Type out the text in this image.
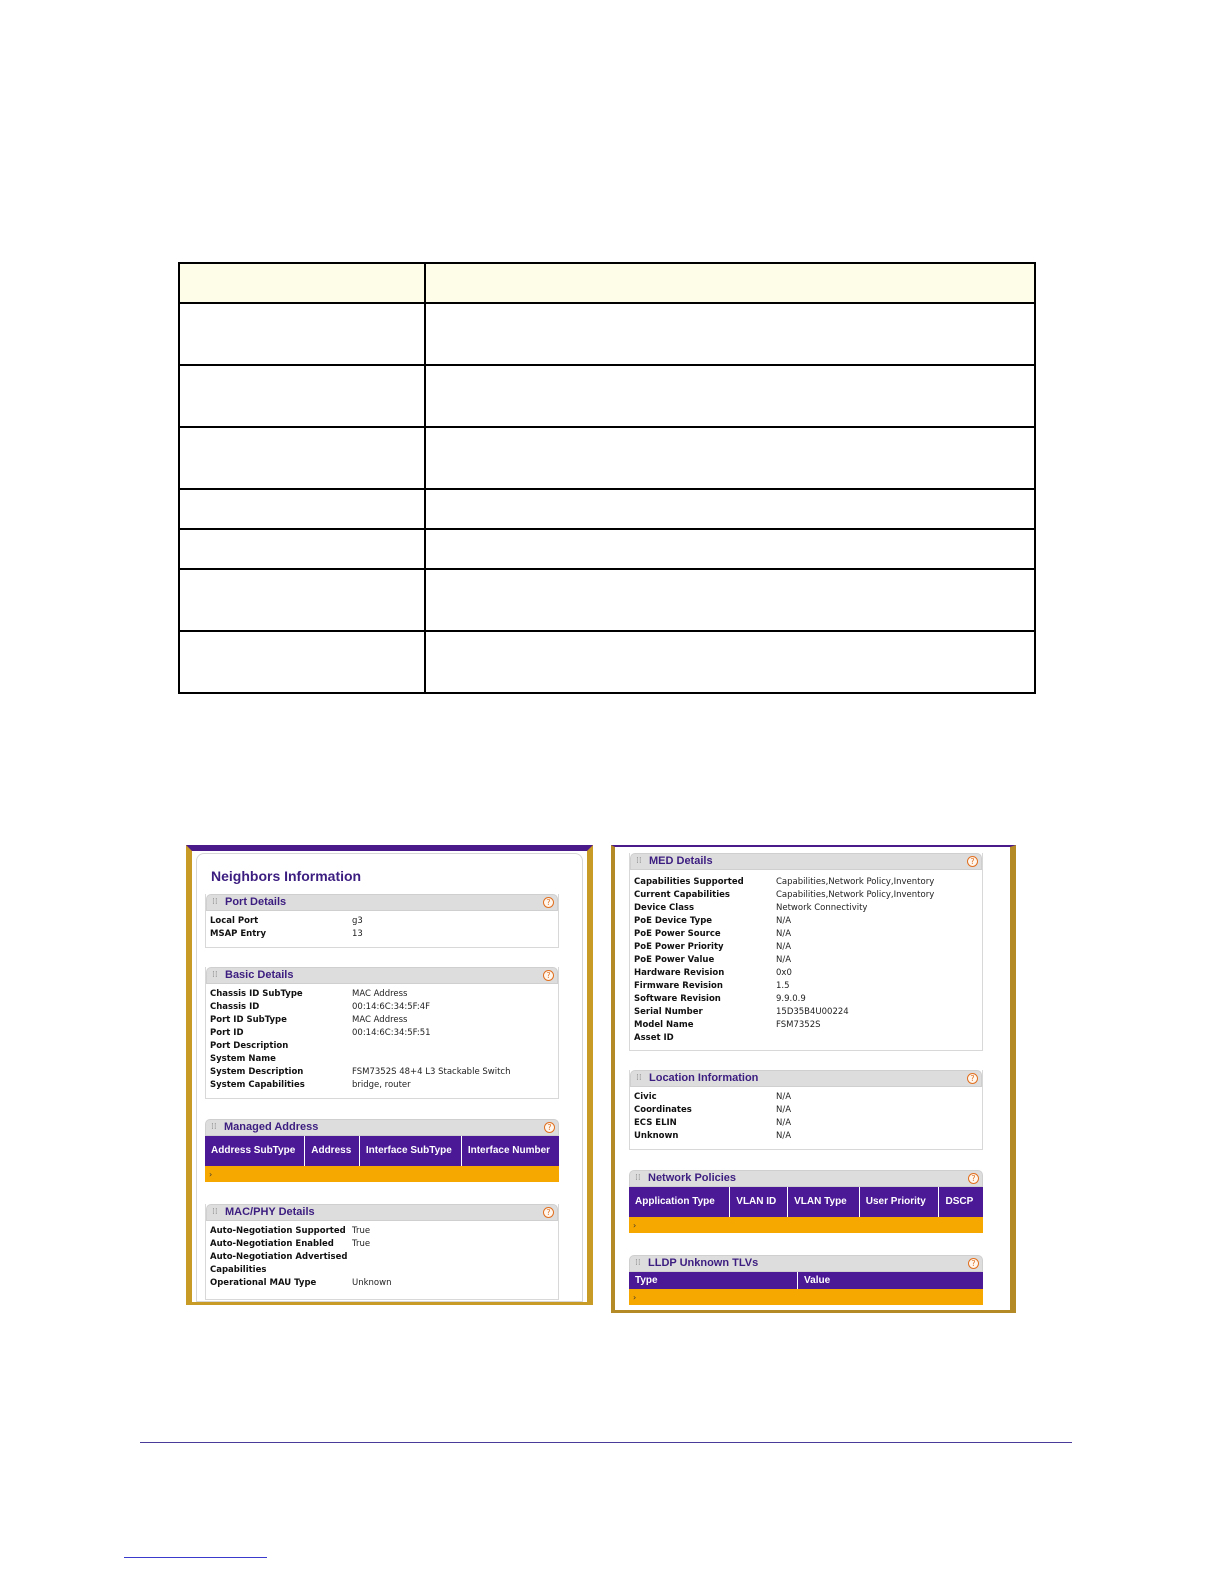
Neighbors Information
⁞⁞ Port Details	?
Local Port	g3
MSAP Entry	13
⁞⁞ Basic Details	?
Chassis ID SubType	MAC Address
Chassis ID	00:14:6C:34:5F:4F
Port ID SubType	MAC Address
Port ID	00:14:6C:34:5F:51
Port Description
System Name
System Description	FSM7352S 48+4 L3 Stackable Switch
System Capabilities	bridge, router
⁞⁞ Managed Address	?
Address SubType	Address	Interface SubType	Interface Number
›
⁞⁞ MAC/PHY Details	?
Auto-Negotiation Supported True
Auto-Negotiation Enabled True
Auto-Negotiation Advertised
Capabilities
Operational MAU Type	Unknown
⁞⁞ MED Details	?
Capabilities Supported	Capabilities,Network Policy,Inventory
Current Capabilities	Capabilities,Network Policy,Inventory
Device Class	Network Connectivity
PoE Device Type	N/A
PoE Power Source	N/A
PoE Power Priority	N/A
PoE Power Value	N/A
Hardware Revision	0x0
Firmware Revision	1.5
Software Revision	9.9.0.9
Serial Number	15D35B4U00224
Model Name	FSM7352S
Asset ID
⁞⁞ Location Information	?
Civic	N/A
Coordinates	N/A
ECS ELIN	N/A
Unknown	N/A
⁞⁞ Network Policies	?
Application Type	VLAN ID	VLAN Type	User Priority	DSCP
›
⁞⁞ LLDP Unknown TLVs	?
Type	Value
›
